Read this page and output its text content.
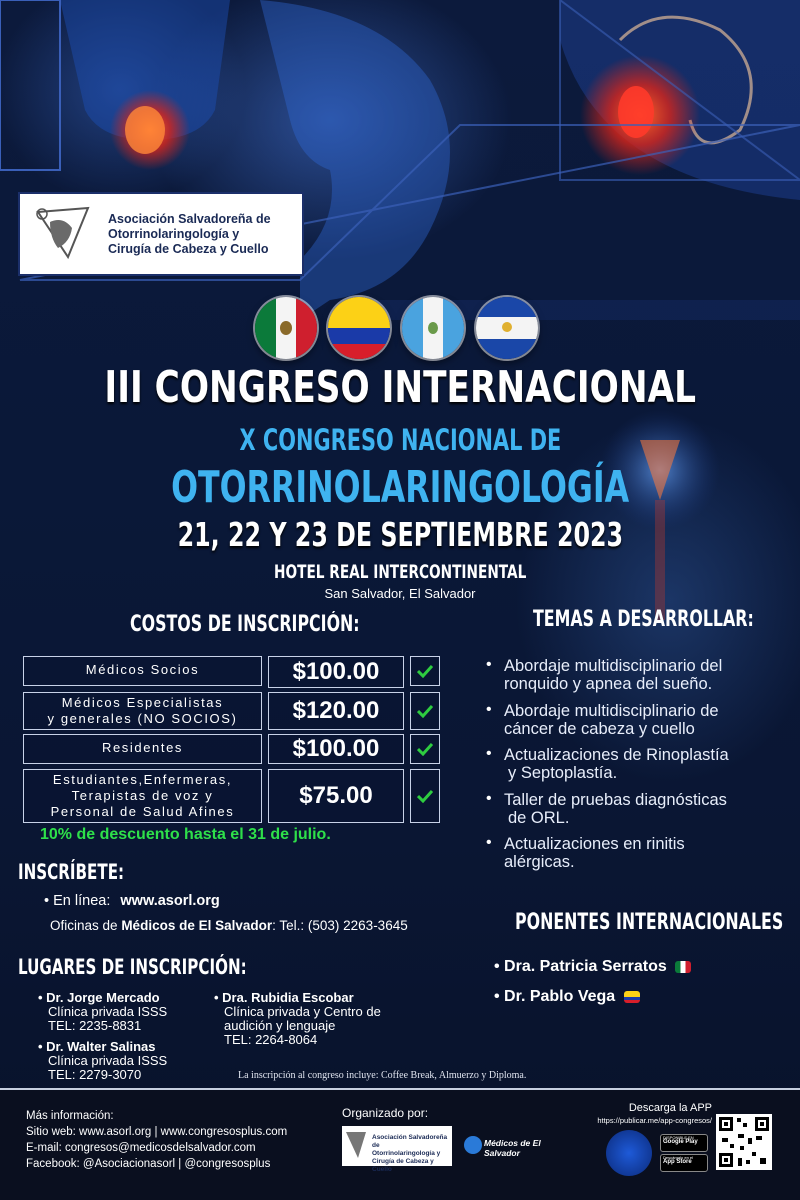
Asociación Salvadoreña de
Otorrinolaringología y
Cirugía de Cabeza y Cuello
III CONGRESO INTERNACIONAL
X CONGRESO NACIONAL DE
OTORRINOLARINGOLOGÍA
21, 22 Y 23 DE SEPTIEMBRE 2023
HOTEL REAL INTERCONTINENTAL
San Salvador, El Salvador
COSTOS DE INSCRIPCIÓN:
Médicos Socios	$100.00
Médicos Especialistas
y generales (NO SOCIOS)	$120.00
Residentes	$100.00
Estudiantes,Enfermeras,
Terapistas de voz y
Personal de Salud Afines
$75.00
10% de descuento hasta el 31 de julio.
TEMAS A DESARROLLAR:
• Abordaje multidisciplinario del
ronquido y apnea del sueño.
• Abordaje multidisciplinario de
cáncer de cabeza y cuello
• Actualizaciones de Rinoplastía
y Septoplastía.
• Taller de pruebas diagnósticas
de ORL.
• Actualizaciones en rinitis
alérgicas.
INSCRÍBETE:
• En línea: www.asorl.org
Oficinas de Médicos de El Salvador: Tel.: (503) 2263-3645
LUGARES DE INSCRIPCIÓN:
• Dr. Jorge Mercado
Clínica privada ISSS
TEL: 2235-8831
• Dr. Walter Salinas
Clínica privada ISSS
TEL: 2279-3070
• Dra. Rubidia Escobar
Clínica privada y Centro de
audición y lenguaje
TEL: 2264-8064
PONENTES INTERNACIONALES
• Dra. Patricia Serratos
• Dr. Pablo Vega
La inscripción al congreso incluye: Coffee Break, Almuerzo y Diploma.
Más información:
Sitio web: www.asorl.org | www.congresosplus.com
E-mail: congresos@medicosdelsalvador.com
Facebook: @Asociacionasorl | @congresosplus
Organizado por:
Asociación Salvadoreña de
Otorrinolaringología y
Cirugía de Cabeza y Cuello
Médicos de El Salvador
Descarga la APP
https://publicar.me/app-congresos/
DISPONIBLE EN
Google Play
Descárgalo en el
App Store
